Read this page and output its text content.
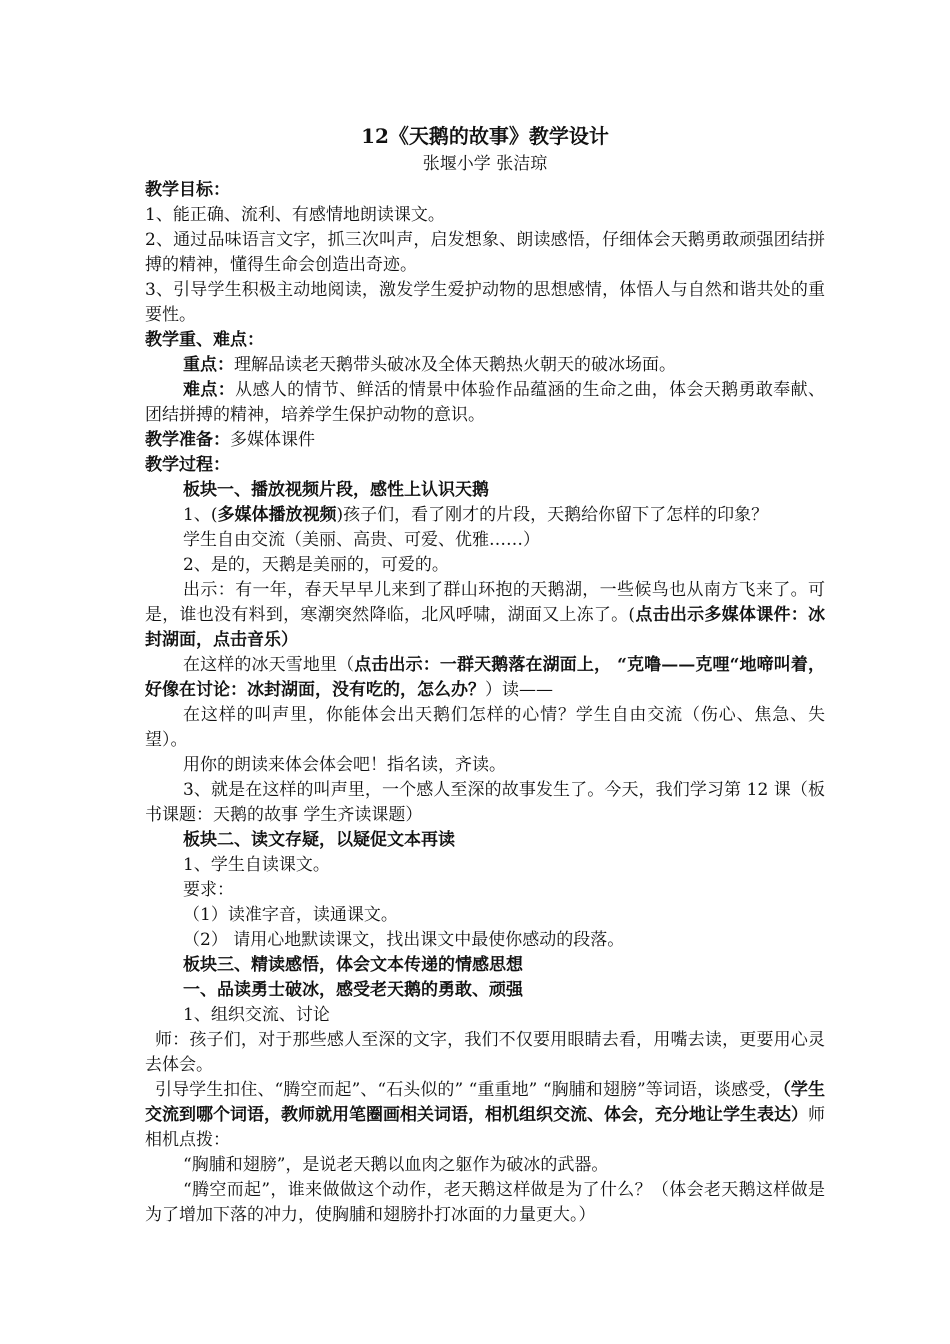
12《天鹅的故事》教学设计
张堰小学 张洁琼

教学目标：

1、能正确、流利、有感情地朗读课文。

2、通过品味语言文字，抓三次叫声，启发想象、朗读感悟，仔细体会天鹅勇敢顽强团结拼搏的精神，懂得生命会创造出奇迹。

3、引导学生积极主动地阅读，激发学生爱护动物的思想感情，体悟人与自然和谐共处的重要性。

教学重、难点：

重点：理解品读老天鹅带头破冰及全体天鹅热火朝天的破冰场面。

难点：从感人的情节、鲜活的情景中体验作品蕴涵的生命之曲，体会天鹅勇敢奉献、团结拼搏的精神，培养学生保护动物的意识。

教学准备：多媒体课件

教学过程：

板块一、播放视频片段，感性上认识天鹅

1、(多媒体播放视频)孩子们，看了刚才的片段，天鹅给你留下了怎样的印象？

学生自由交流（美丽、高贵、可爱、优雅……）

2、是的，天鹅是美丽的，可爱的。

出示：有一年，春天早早儿来到了群山环抱的天鹅湖，一些候鸟也从南方飞来了。可是，谁也没有料到，寒潮突然降临，北风呼啸，湖面又上冻了。(点击出示多媒体课件：冰封湖面，点击音乐）

在这样的冰天雪地里（点击出示：一群天鹅落在湖面上， “克噜——克哩“地啼叫着，好像在讨论：冰封湖面，没有吃的，怎么办？）读——

在这样的叫声里，你能体会出天鹅们怎样的心情？学生自由交流（伤心、焦急、失望）。

用你的朗读来体会体会吧！指名读，齐读。

3、就是在这样的叫声里，一个感人至深的故事发生了。今天，我们学习第 12 课（板书课题：天鹅的故事 学生齐读课题）

板块二、读文存疑，以疑促文本再读

1、学生自读课文。

要求：

（1）读准字音，读通课文。

（2） 请用心地默读课文，找出课文中最使你感动的段落。

板块三、精读感悟，体会文本传递的情感思想

一、品读勇士破冰，感受老天鹅的勇敢、顽强

1、组织交流、讨论

师：孩子们，对于那些感人至深的文字，我们不仅要用眼睛去看，用嘴去读，更要用心灵去体会。

引导学生扣住、“腾空而起”、“石头似的” “重重地” “胸脯和翅膀”等词语，谈感受，（学生交流到哪个词语，教师就用笔圈画相关词语，相机组织交流、体会，充分地让学生表达）师相机点拨：

“胸脯和翅膀”，是说老天鹅以血肉之躯作为破冰的武器。

“腾空而起”，谁来做做这个动作，老天鹅这样做是为了什么？（体会老天鹅这样做是为了增加下落的冲力，使胸脯和翅膀扑打冰面的力量更大。）
